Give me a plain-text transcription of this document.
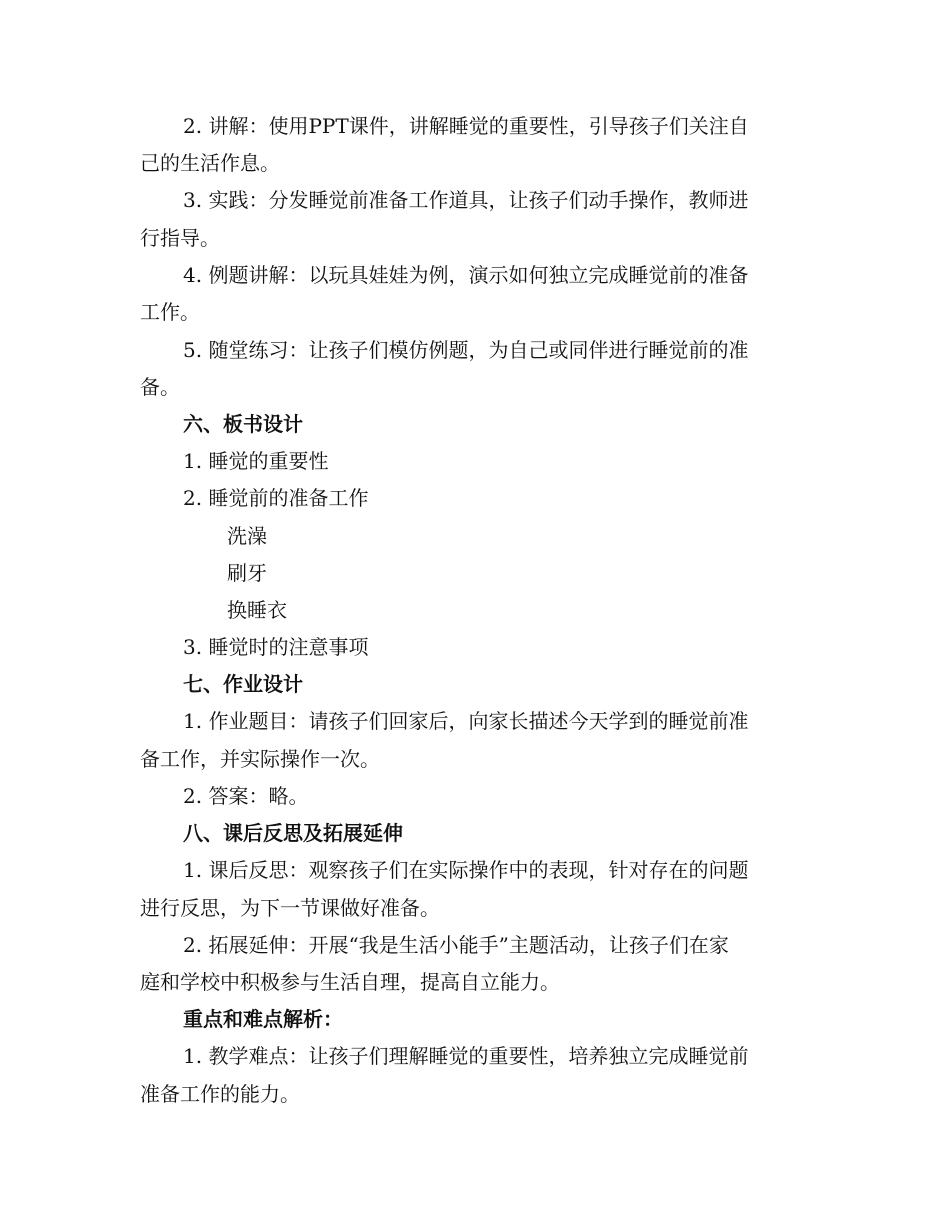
2. 讲解：使用PPT课件，讲解睡觉的重要性，引导孩子们关注自
己的生活作息。
3. 实践：分发睡觉前准备工作道具，让孩子们动手操作，教师进
行指导。
4. 例题讲解：以玩具娃娃为例，演示如何独立完成睡觉前的准备
工作。
5. 随堂练习：让孩子们模仿例题，为自己或同伴进行睡觉前的准
备。
六、板书设计
1. 睡觉的重要性
2. 睡觉前的准备工作
洗澡
刷牙
换睡衣
3. 睡觉时的注意事项
七、作业设计
1. 作业题目：请孩子们回家后，向家长描述今天学到的睡觉前准
备工作，并实际操作一次。
2. 答案：略。
八、课后反思及拓展延伸
1. 课后反思：观察孩子们在实际操作中的表现，针对存在的问题
进行反思，为下一节课做好准备。
2. 拓展延伸：开展“我是生活小能手”主题活动，让孩子们在家
庭和学校中积极参与生活自理，提高自立能力。
重点和难点解析：
1. 教学难点：让孩子们理解睡觉的重要性，培养独立完成睡觉前
准备工作的能力。
